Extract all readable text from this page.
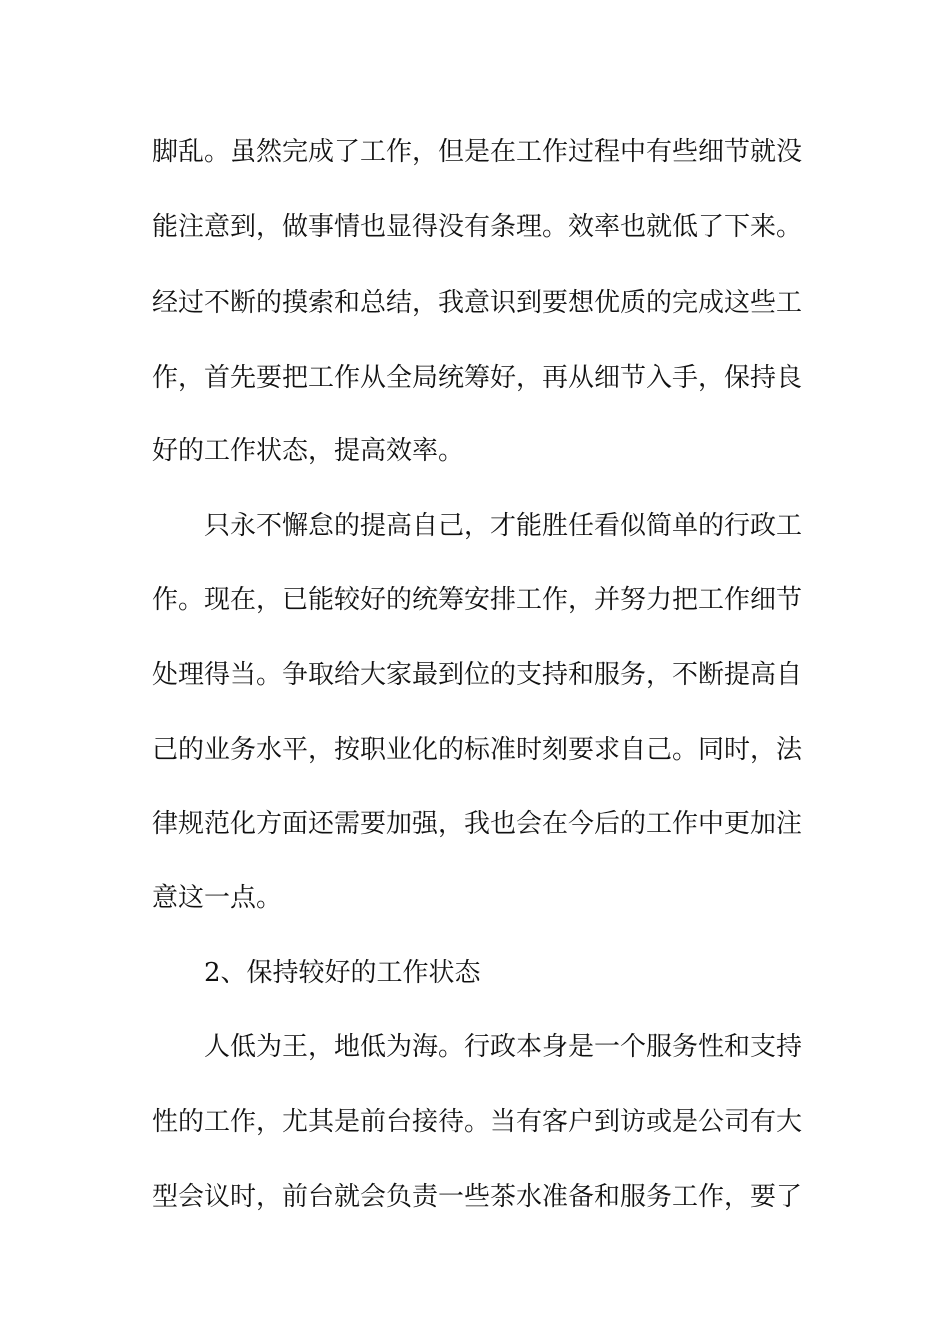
脚乱。虽然完成了工作，但是在工作过程中有些细节就没
能注意到，做事情也显得没有条理。效率也就低了下来。
经过不断的摸索和总结，我意识到要想优质的完成这些工
作，首先要把工作从全局统筹好，再从细节入手，保持良
好的工作状态，提高效率。
只永不懈怠的提高自己，才能胜任看似简单的行政工
作。现在，已能较好的统筹安排工作，并努力把工作细节
处理得当。争取给大家最到位的支持和服务，不断提高自
己的业务水平，按职业化的标准时刻要求自己。同时，法
律规范化方面还需要加强，我也会在今后的工作中更加注
意这一点。
2、保持较好的工作状态
人低为王，地低为海。行政本身是一个服务性和支持
性的工作，尤其是前台接待。当有客户到访或是公司有大
型会议时，前台就会负责一些茶水准备和服务工作，要了
